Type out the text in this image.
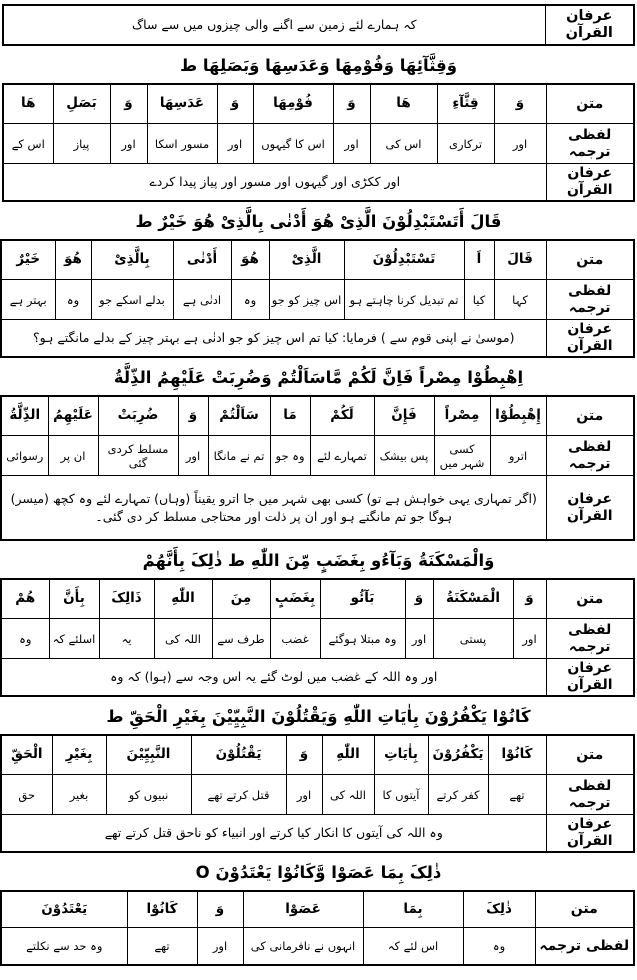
عرفان القرآن	کہ ہمارے لئے زمین سے اگنے والی چیزوں میں سے ساگ
وَقِثَّآئِهَا وَفُوْمِهَا وَعَدَسِهَا وَبَصَلِهَا ط
متن	وَ	قِثَّآءِ	هَا	وَ	فُوْمِهَا	وَ	عَدَسِهَا	وَ	بَصَلِ	هَا
لفظی ترجمہ	اور	ترکاری	اس کی	اور	اس کا گیہوں	اور	مسور اسکا	اور	پیاز	اس کے
عرفان القرآن	اور ککڑی اور گیہوں اور مسور اور پیاز پیدا کردے									
قَالَ أَتَسْتَبْدِلُوْنَ الَّذِیْ هُوَ أَدْنٰی بِالَّذِیْ هُوَ خَیْرٌ ط
متن	قَالَ	اَ	تَسْتَبْدِلُوْنَ	الَّذِیْ	هُوَ	أَدْنٰی	بِالَّذِیْ	هُوَ	خَیْرٌ
لفظی ترجمہ	کہا	کیا	تم تبدیل کرنا چاہتے ہو	اس چیز کو جو	وہ	ادنٰی ہے	بدلے اسکے جو	وہ	بہتر ہے
عرفان القرآن	(موسیٰ نے اپنی قوم سے ) فرمایا: کیا تم اس چیز کو جو ادنٰی ہے بہتر چیز کے بدلے مانگتے ہو؟								
اِهْبِطُوْا مِصْراً فَاِنَّ لَكُمْ مَّاسَاَلْتُمْ وَضُرِبَتْ عَلَیْهِمُ الذِّلَّةُ
متن	إِهْبِطُوْا	مِصْراً	فَإِنَّ	لَكُمْ	مَا	سَاَلْتُمْ	وَ	ضُرِبَتْ	عَلَیْهِمُ	الذِّلَّةُ
لفظی ترجمہ	اترو	کسی شہر میں	پس بیشک	تمہارے لئے	وہ جو	تم نے مانگا	اور	مسلط کردی گئی	ان پر	رسوائی
عرفان القرآن	(اگر تمہاری یہی خواہش ہے تو) کسی بھی شہر میں جا اترو یقیناً (وہاں) تمہارے لئے وہ کچھ (میسر) ہوگا جو تم مانگتے ہو اور ان پر ذلت اور محتاجی مسلط کر دی گئی۔									
وَالْمَسْكَنَةُ وَبَآءُو بِغَضَبٍ مِّنَ اللّٰهِ ط ذٰلِکَ بِأَنَّهُمْ
متن	وَ	الْمَسْكَنَةُ	وَ	بَآئُو	بِغَضَبٍ	مِنَ	اللّٰهِ	ذَالِکَ	بِأَنَّ	هُمْ
لفظی ترجمہ	اور	پستی	اور	وہ مبتلا ہوگئے	غضب	طرف سے	اللہ کی	یہ	اسلئے کہ	وہ
عرفان القرآن	اور وہ اللہ کے غضب میں لوٹ گئے یہ اس وجہ سے (ہوا) کہ وہ									
كَانُوْا يَكْفُرُوْنَ بِاٰيَاتِ اللّٰهِ وَيَقْتُلُوْنَ النَّبِيِّيْنَ بِغَيْرِ الْحَقِّ ط
متن	كَانُوْا	يَكْفُرُوْنَ	بِاٰيَاتِ	اللّٰهِ	وَ	يَقْتُلُوْنَ	النَّبِيِّيْنَ	بِغَيْرِ	الْحَقِّ
لفظی ترجمہ	تھے	کفر کرتے	آیتوں کا	اللہ کی	اور	قتل کرتے تھے	نبیوں کو	بغیر	حق
عرفان القرآن	وہ اللہ کی آیتوں کا انکار کیا کرتے اور انبیاء کو ناحق قتل کرتے تھے								
ذٰلِکَ بِمَا عَصَوْا وَّكَانُوْا يَعْتَدُوْنَ O
متن	ذٰلِکَ	بِمَا	عَصَوْا	وَ	كَانُوْا	يَعْتَدُوْنَ
لفظی ترجمہ	وہ	اس لئے کہ	انہوں نے نافرمانی کی	اور	تھے	وہ حد سے نکلتے
